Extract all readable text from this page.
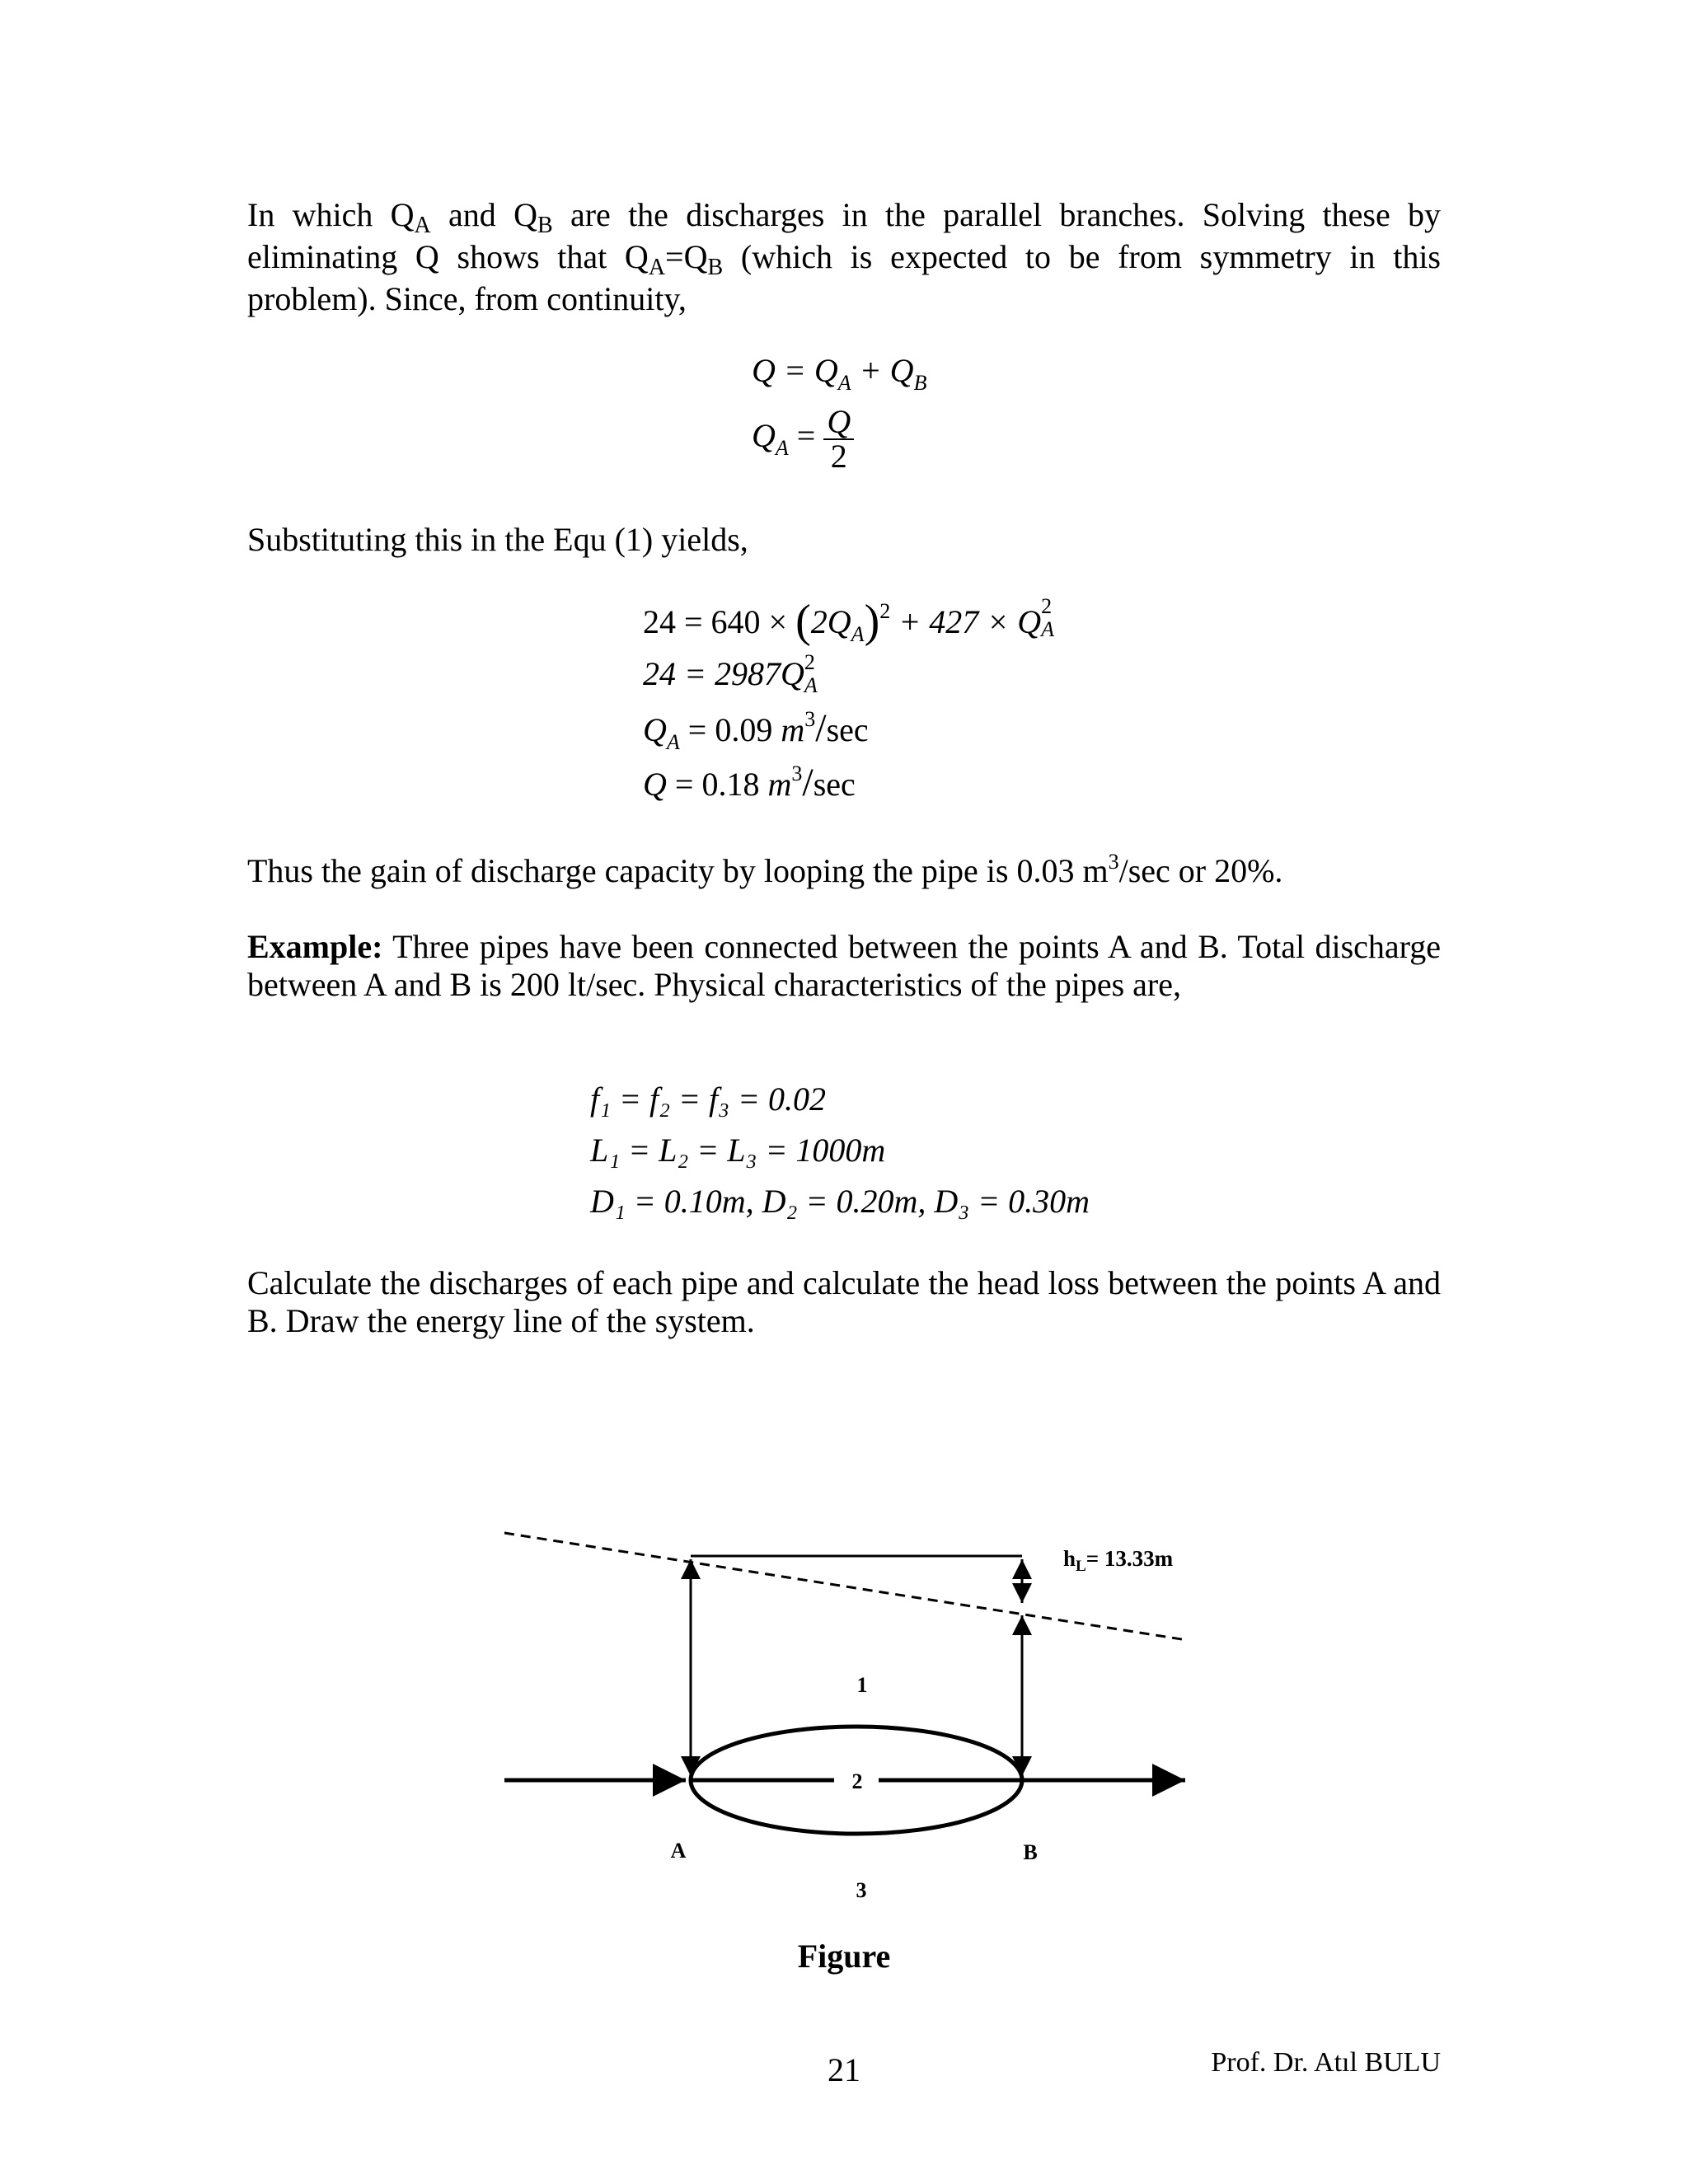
In which $Q_A$ and $Q_B$ are the discharges in the parallel branches. Solving these by eliminating Q shows that $Q_A=Q_B$ (which is expected to be from symmetry in this problem). Since, from continuity,
$Q = Q_A + Q_B$
$Q_A = \frac{Q}{2}$
Substituting this in the Equ (1) yields,
$24 = 640 \times (2Q_A)^2 + 427 \times Q$ 2
A
24 = 2987Q 2
A
$Q_A = 0.09$ $m^3/\sec$
Q = 0.18 $m^3/\sec$
Thus the gain of discharge capacity by looping the pipe is 0.03 $m^3/\sec$ or 20%.
Example: Three pipes have been connected between the points A and B. Total discharge between A and B is 200 lt/sec. Physical characteristics of the pipes are,
f₁ = f₂ = f₃ = 0.02
L₁ = L₂ = L₃ = 1000m
D₁ = 0.10m, D₂ = 0.20m, D₃ = 0.30m
Calculate the discharges of each pipe and calculate the head loss between the points A and B. Draw the energy line of the system.
1
2
3
A	B
$h_L= 13.33m$
Figure
21	Prof. Dr. Atıl BULU
